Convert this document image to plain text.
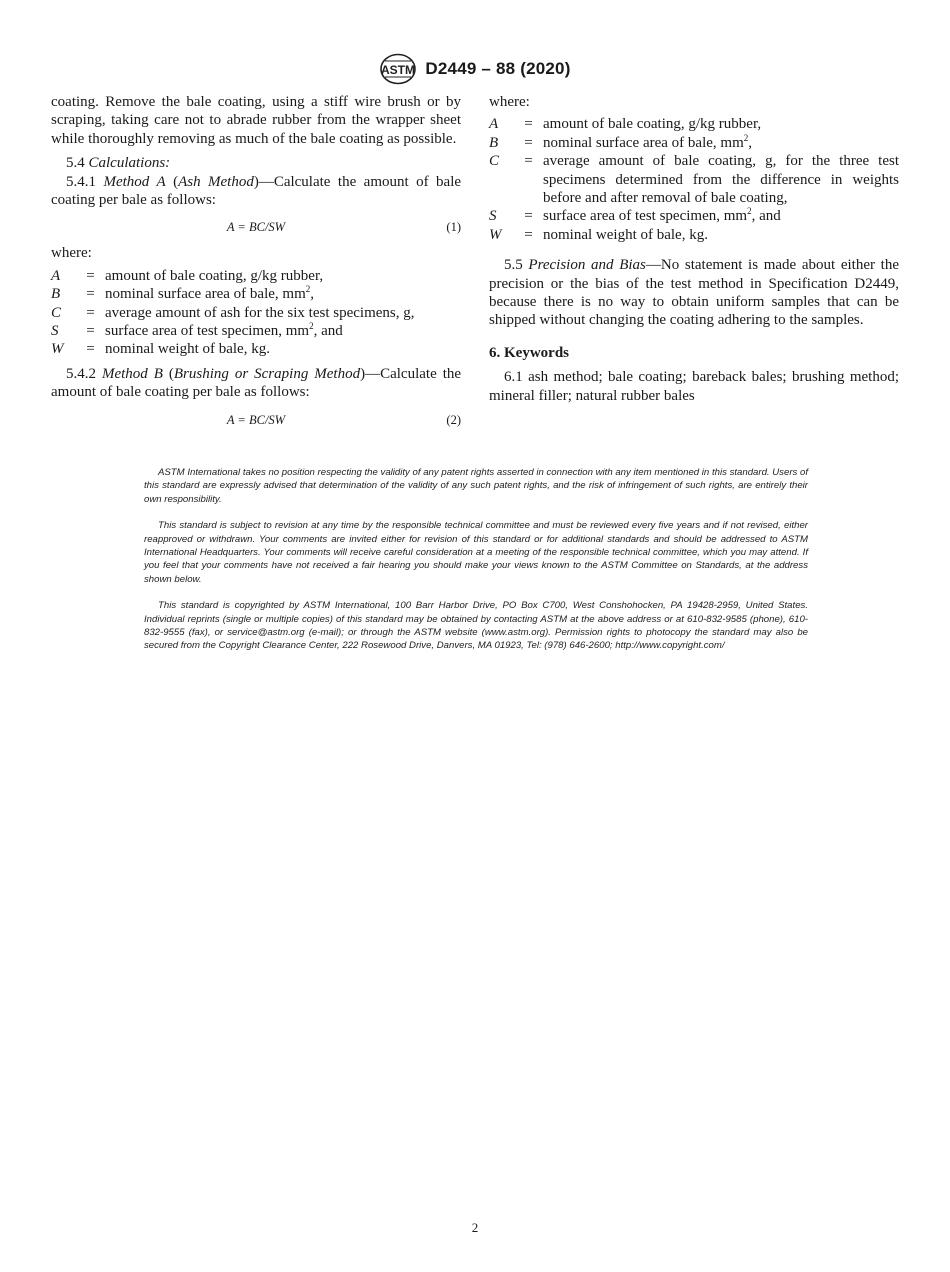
ASTM D2449 – 88 (2020)

coating. Remove the bale coating, using a stiff wire brush or by scraping, taking care not to abrade rubber from the wrapper sheet while thoroughly removing as much of the bale coating as possible.

5.4 Calculations:

5.4.1 Method A (Ash Method)—Calculate the amount of bale coating per bale as follows:

A = BC/SW	(1)

where:

A	= amount of bale coating, g/kg rubber,
B	= nominal surface area of bale, $mm^2$,
C	= average amount of ash for the six test specimens, g,
S	= surface area of test specimen, $mm^2$, and
W	= nominal weight of bale, kg.

5.4.2 Method B (Brushing or Scraping Method)—Calculate the amount of bale coating per bale as follows:

A = BC/SW	(2)

where:

A	= amount of bale coating, g/kg rubber,
B	= nominal surface area of bale, $mm^2$,
C	= average amount of bale coating, g, for the three test specimens determined from the difference in weights before and after removal of bale coating,
S	= surface area of test specimen, $mm^2$, and
W	= nominal weight of bale, kg.

5.5 Precision and Bias—No statement is made about either the precision or the bias of the test method in Specification D2449, because there is no way to obtain uniform samples that can be shipped without changing the coating adhering to the samples.

6. Keywords

6.1 ash method; bale coating; bareback bales; brushing method; mineral filler; natural rubber bales

ASTM International takes no position respecting the validity of any patent rights asserted in connection with any item mentioned in this standard. Users of this standard are expressly advised that determination of the validity of any such patent rights, and the risk of infringement of such rights, are entirely their own responsibility.

This standard is subject to revision at any time by the responsible technical committee and must be reviewed every five years and if not revised, either reapproved or withdrawn. Your comments are invited either for revision of this standard or for additional standards and should be addressed to ASTM International Headquarters. Your comments will receive careful consideration at a meeting of the responsible technical committee, which you may attend. If you feel that your comments have not received a fair hearing you should make your views known to the ASTM Committee on Standards, at the address shown below.

This standard is copyrighted by ASTM International, 100 Barr Harbor Drive, PO Box C700, West Conshohocken, PA 19428-2959, United States. Individual reprints (single or multiple copies) of this standard may be obtained by contacting ASTM at the above address or at 610-832-9585 (phone), 610-832-9555 (fax), or service@astm.org (e-mail); or through the ASTM website (www.astm.org). Permission rights to photocopy the standard may also be secured from the Copyright Clearance Center, 222 Rosewood Drive, Danvers, MA 01923, Tel: (978) 646-2600; http://www.copyright.com/

2
